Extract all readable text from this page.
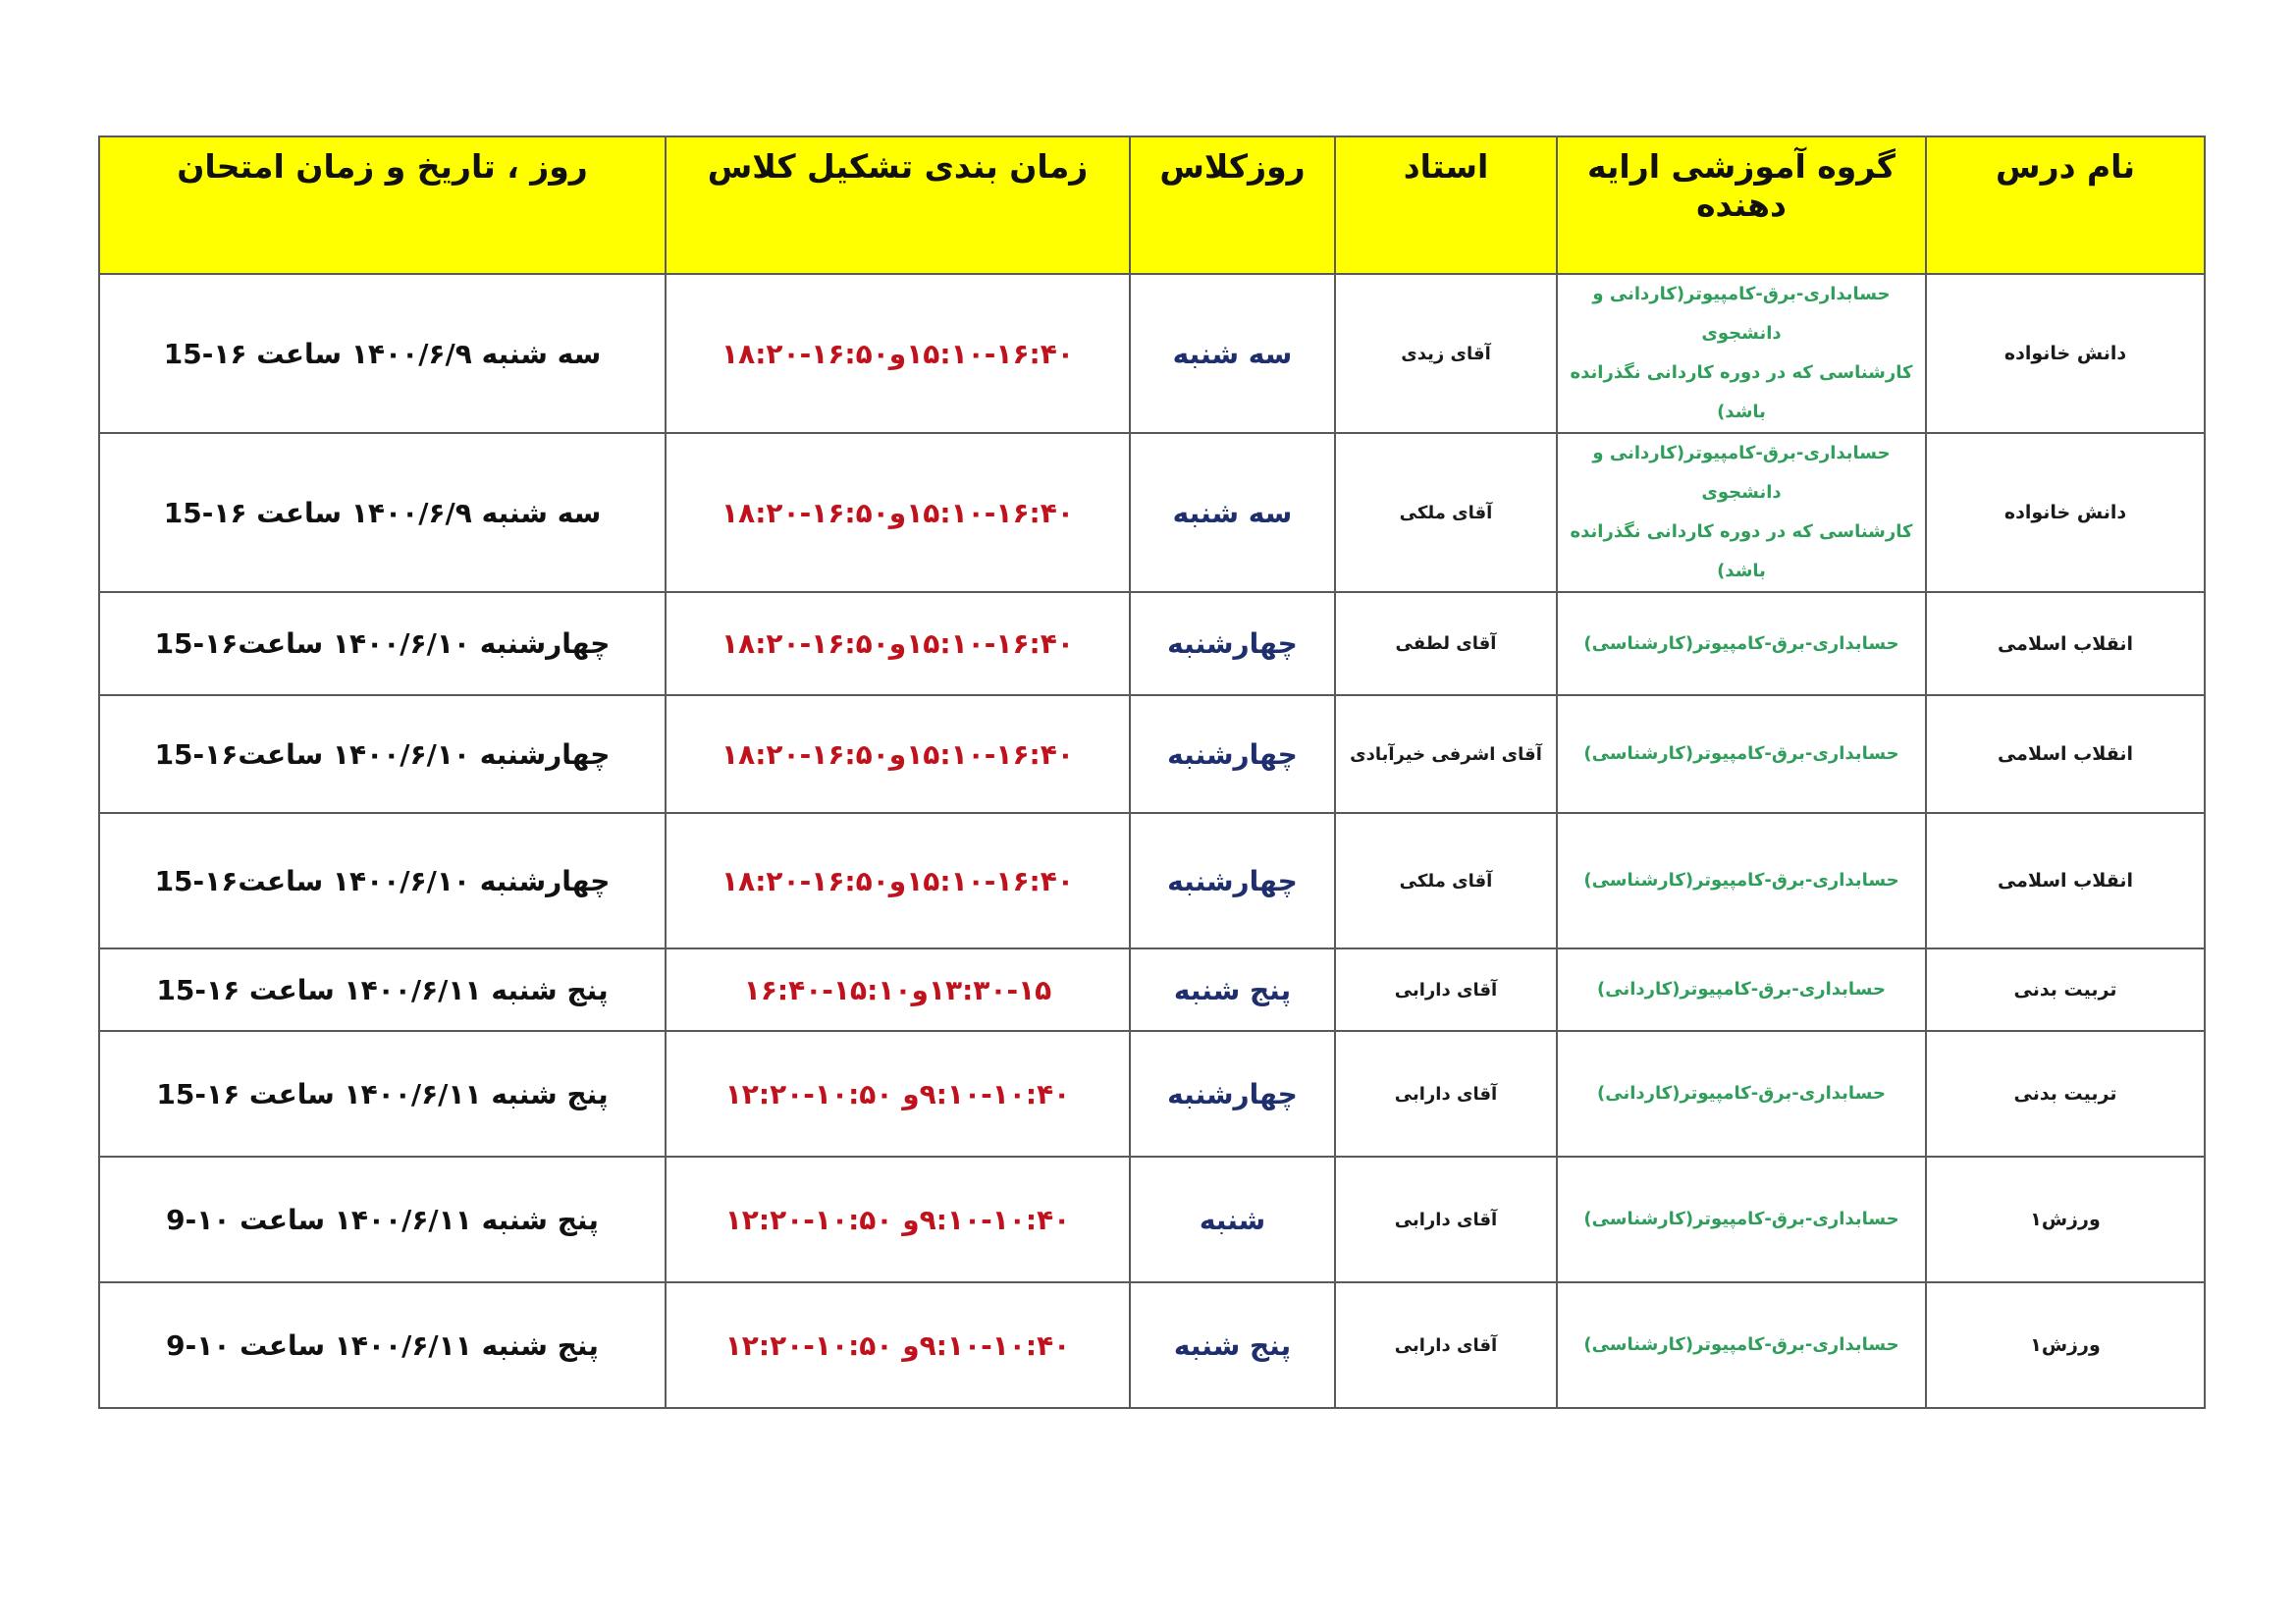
نام درس	گروه آموزشی ارایه دهنده	استاد	روزکلاس	زمان بندی تشکیل کلاس	روز ، تاریخ و زمان امتحان
دانش خانواده	حسابداری-برق-کامپیوتر(کاردانی و دانشجوی
کارشناسی که در دوره کاردانی نگذرانده باشد)	آقای زیدی	سه شنبه	۱۵:۱۰-۱۶:۴۰و۱۶:۵۰-۱۸:۲۰	سه شنبه ۱۴۰۰/۶/۹ ساعت ۱۶-15
دانش خانواده	حسابداری-برق-کامپیوتر(کاردانی و دانشجوی
کارشناسی که در دوره کاردانی نگذرانده باشد)	آقای ملکی	سه شنبه	۱۵:۱۰-۱۶:۴۰و۱۶:۵۰-۱۸:۲۰	سه شنبه ۱۴۰۰/۶/۹ ساعت ۱۶-15
انقلاب اسلامی	حسابداری-برق-کامپیوتر(کارشناسی)	آقای لطفی	چهارشنبه	۱۵:۱۰-۱۶:۴۰و۱۶:۵۰-۱۸:۲۰	چهارشنبه ۱۴۰۰/۶/۱۰ ساعت۱۶-15
انقلاب اسلامی	حسابداری-برق-کامپیوتر(کارشناسی)	آقای اشرفی خیرآبادی	چهارشنبه	۱۵:۱۰-۱۶:۴۰و۱۶:۵۰-۱۸:۲۰	چهارشنبه ۱۴۰۰/۶/۱۰ ساعت۱۶-15
انقلاب اسلامی	حسابداری-برق-کامپیوتر(کارشناسی)	آقای ملکی	چهارشنبه	۱۵:۱۰-۱۶:۴۰و۱۶:۵۰-۱۸:۲۰	چهارشنبه ۱۴۰۰/۶/۱۰ ساعت۱۶-15
تربیت بدنی	حسابداری-برق-کامپیوتر(کاردانی)	آقای دارابی	پنج شنبه	۱۳:۳۰-۱۵و۱۵:۱۰-۱۶:۴۰	پنج شنبه ۱۴۰۰/۶/۱۱ ساعت ۱۶-15
تربیت بدنی	حسابداری-برق-کامپیوتر(کاردانی)	آقای دارابی	چهارشنبه	۹:۱۰-۱۰:۴۰و ۱۰:۵۰-۱۲:۲۰	پنج شنبه ۱۴۰۰/۶/۱۱ ساعت ۱۶-15
ورزش۱	حسابداری-برق-کامپیوتر(کارشناسی)	آقای دارابی	شنبه	۹:۱۰-۱۰:۴۰و ۱۰:۵۰-۱۲:۲۰	پنج شنبه ۱۴۰۰/۶/۱۱ ساعت ۱۰-9
ورزش۱	حسابداری-برق-کامپیوتر(کارشناسی)	آقای دارابی	پنج شنبه	۹:۱۰-۱۰:۴۰و ۱۰:۵۰-۱۲:۲۰	پنج شنبه ۱۴۰۰/۶/۱۱ ساعت ۱۰-9
